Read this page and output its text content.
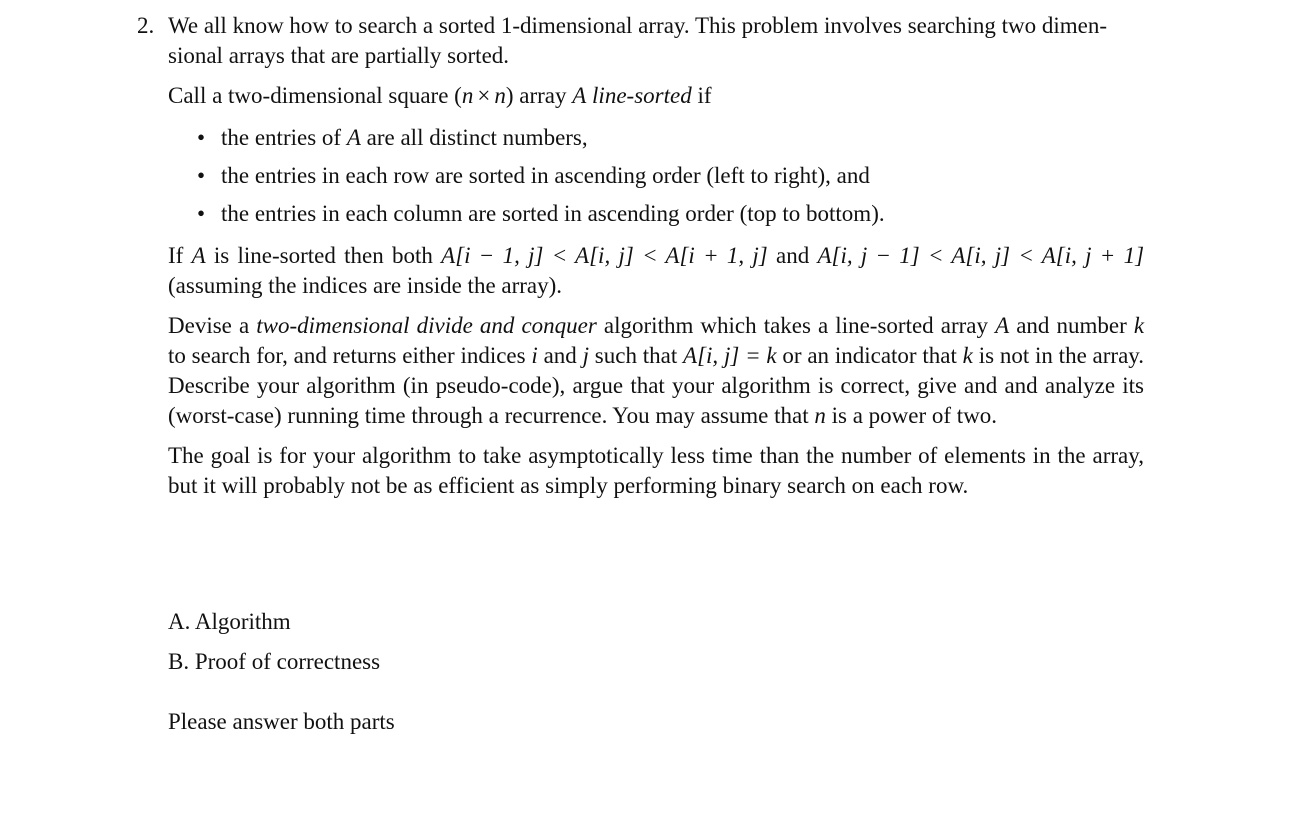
2. We all know how to search a sorted 1-dimensional array. This problem involves searching two dimen-
sional arrays that are partially sorted.

Call a two-dimensional square (n × n) array A line-sorted if

• the entries of A are all distinct numbers,
• the entries in each row are sorted in ascending order (left to right), and
• the entries in each column are sorted in ascending order (top to bottom).

If A is line-sorted then both A[i − 1, j] < A[i, j] < A[i + 1, j] and A[i, j − 1] < A[i, j] < A[i, j + 1] (assuming the indices are inside the array).

Devise a two-dimensional divide and conquer algorithm which takes a line-sorted array A and number k to search for, and returns either indices i and j such that A[i, j] = k or an indicator that k is not in the array. Describe your algorithm (in pseudo-code), argue that your algorithm is correct, give and and analyze its (worst-case) running time through a recurrence. You may assume that n is a power of two.

The goal is for your algorithm to take asymptotically less time than the number of elements in the array, but it will probably not be as efficient as simply performing binary search on each row.

A. Algorithm
B. Proof of correctness
Please answer both parts
